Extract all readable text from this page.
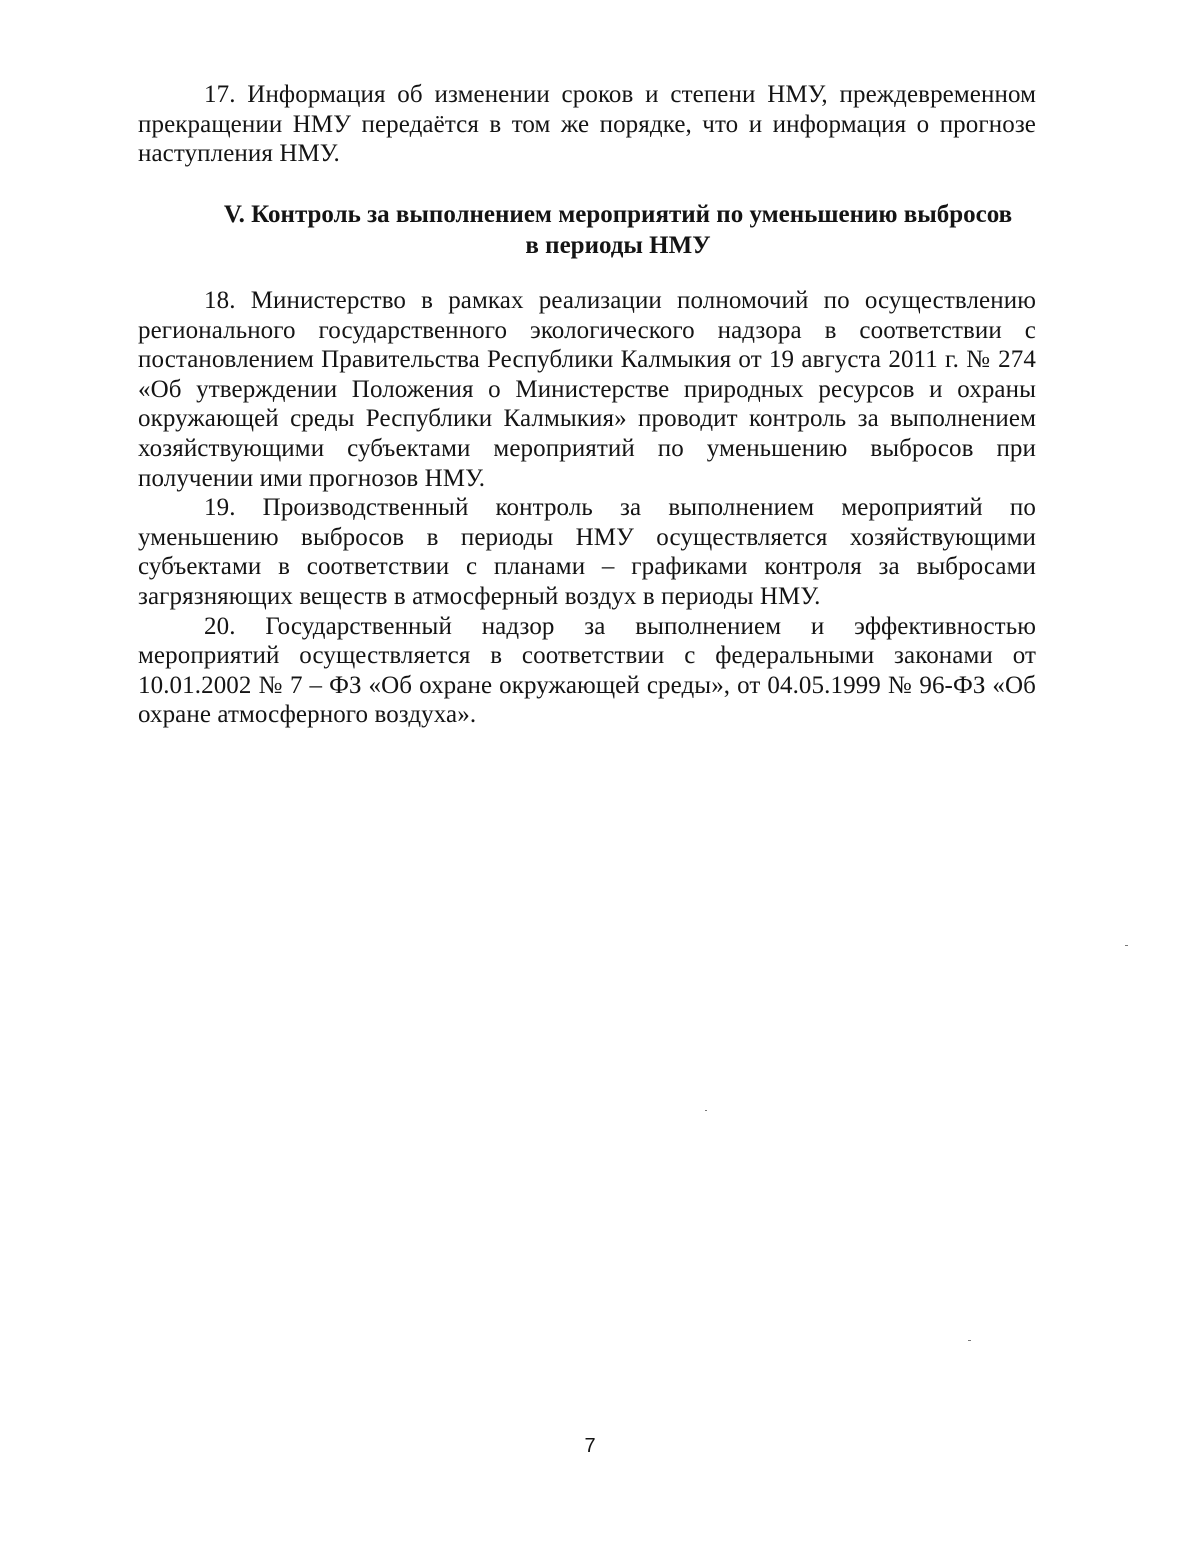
17. Информация об изменении сроков и степени НМУ, преждевременном прекращении НМУ передаётся в том же порядке, что и информация о прогнозе наступления НМУ.

V. Контроль за выполнением мероприятий по уменьшению выбросов
в периоды НМУ

18. Министерство в рамках реализации полномочий по осуществлению регионального государственного экологического надзора в соответствии с постановлением Правительства Республики Калмыкия от 19 августа 2011 г. № 274 «Об утверждении Положения о Министерстве природных ресурсов и охраны окружающей среды Республики Калмыкия» проводит контроль за выполнением хозяйствующими субъектами мероприятий по уменьшению выбросов при получении ими прогнозов НМУ.

19. Производственный контроль за выполнением мероприятий по уменьшению выбросов в периоды НМУ осуществляется хозяйствующими субъектами в соответствии с планами – графиками контроля за выбросами загрязняющих веществ в атмосферный воздух в периоды НМУ.

20. Государственный надзор за выполнением и эффективностью мероприятий осуществляется в соответствии с федеральными законами от 10.01.2002 № 7 – ФЗ «Об охране окружающей среды», от 04.05.1999 № 96-ФЗ «Об охране атмосферного воздуха».

7
